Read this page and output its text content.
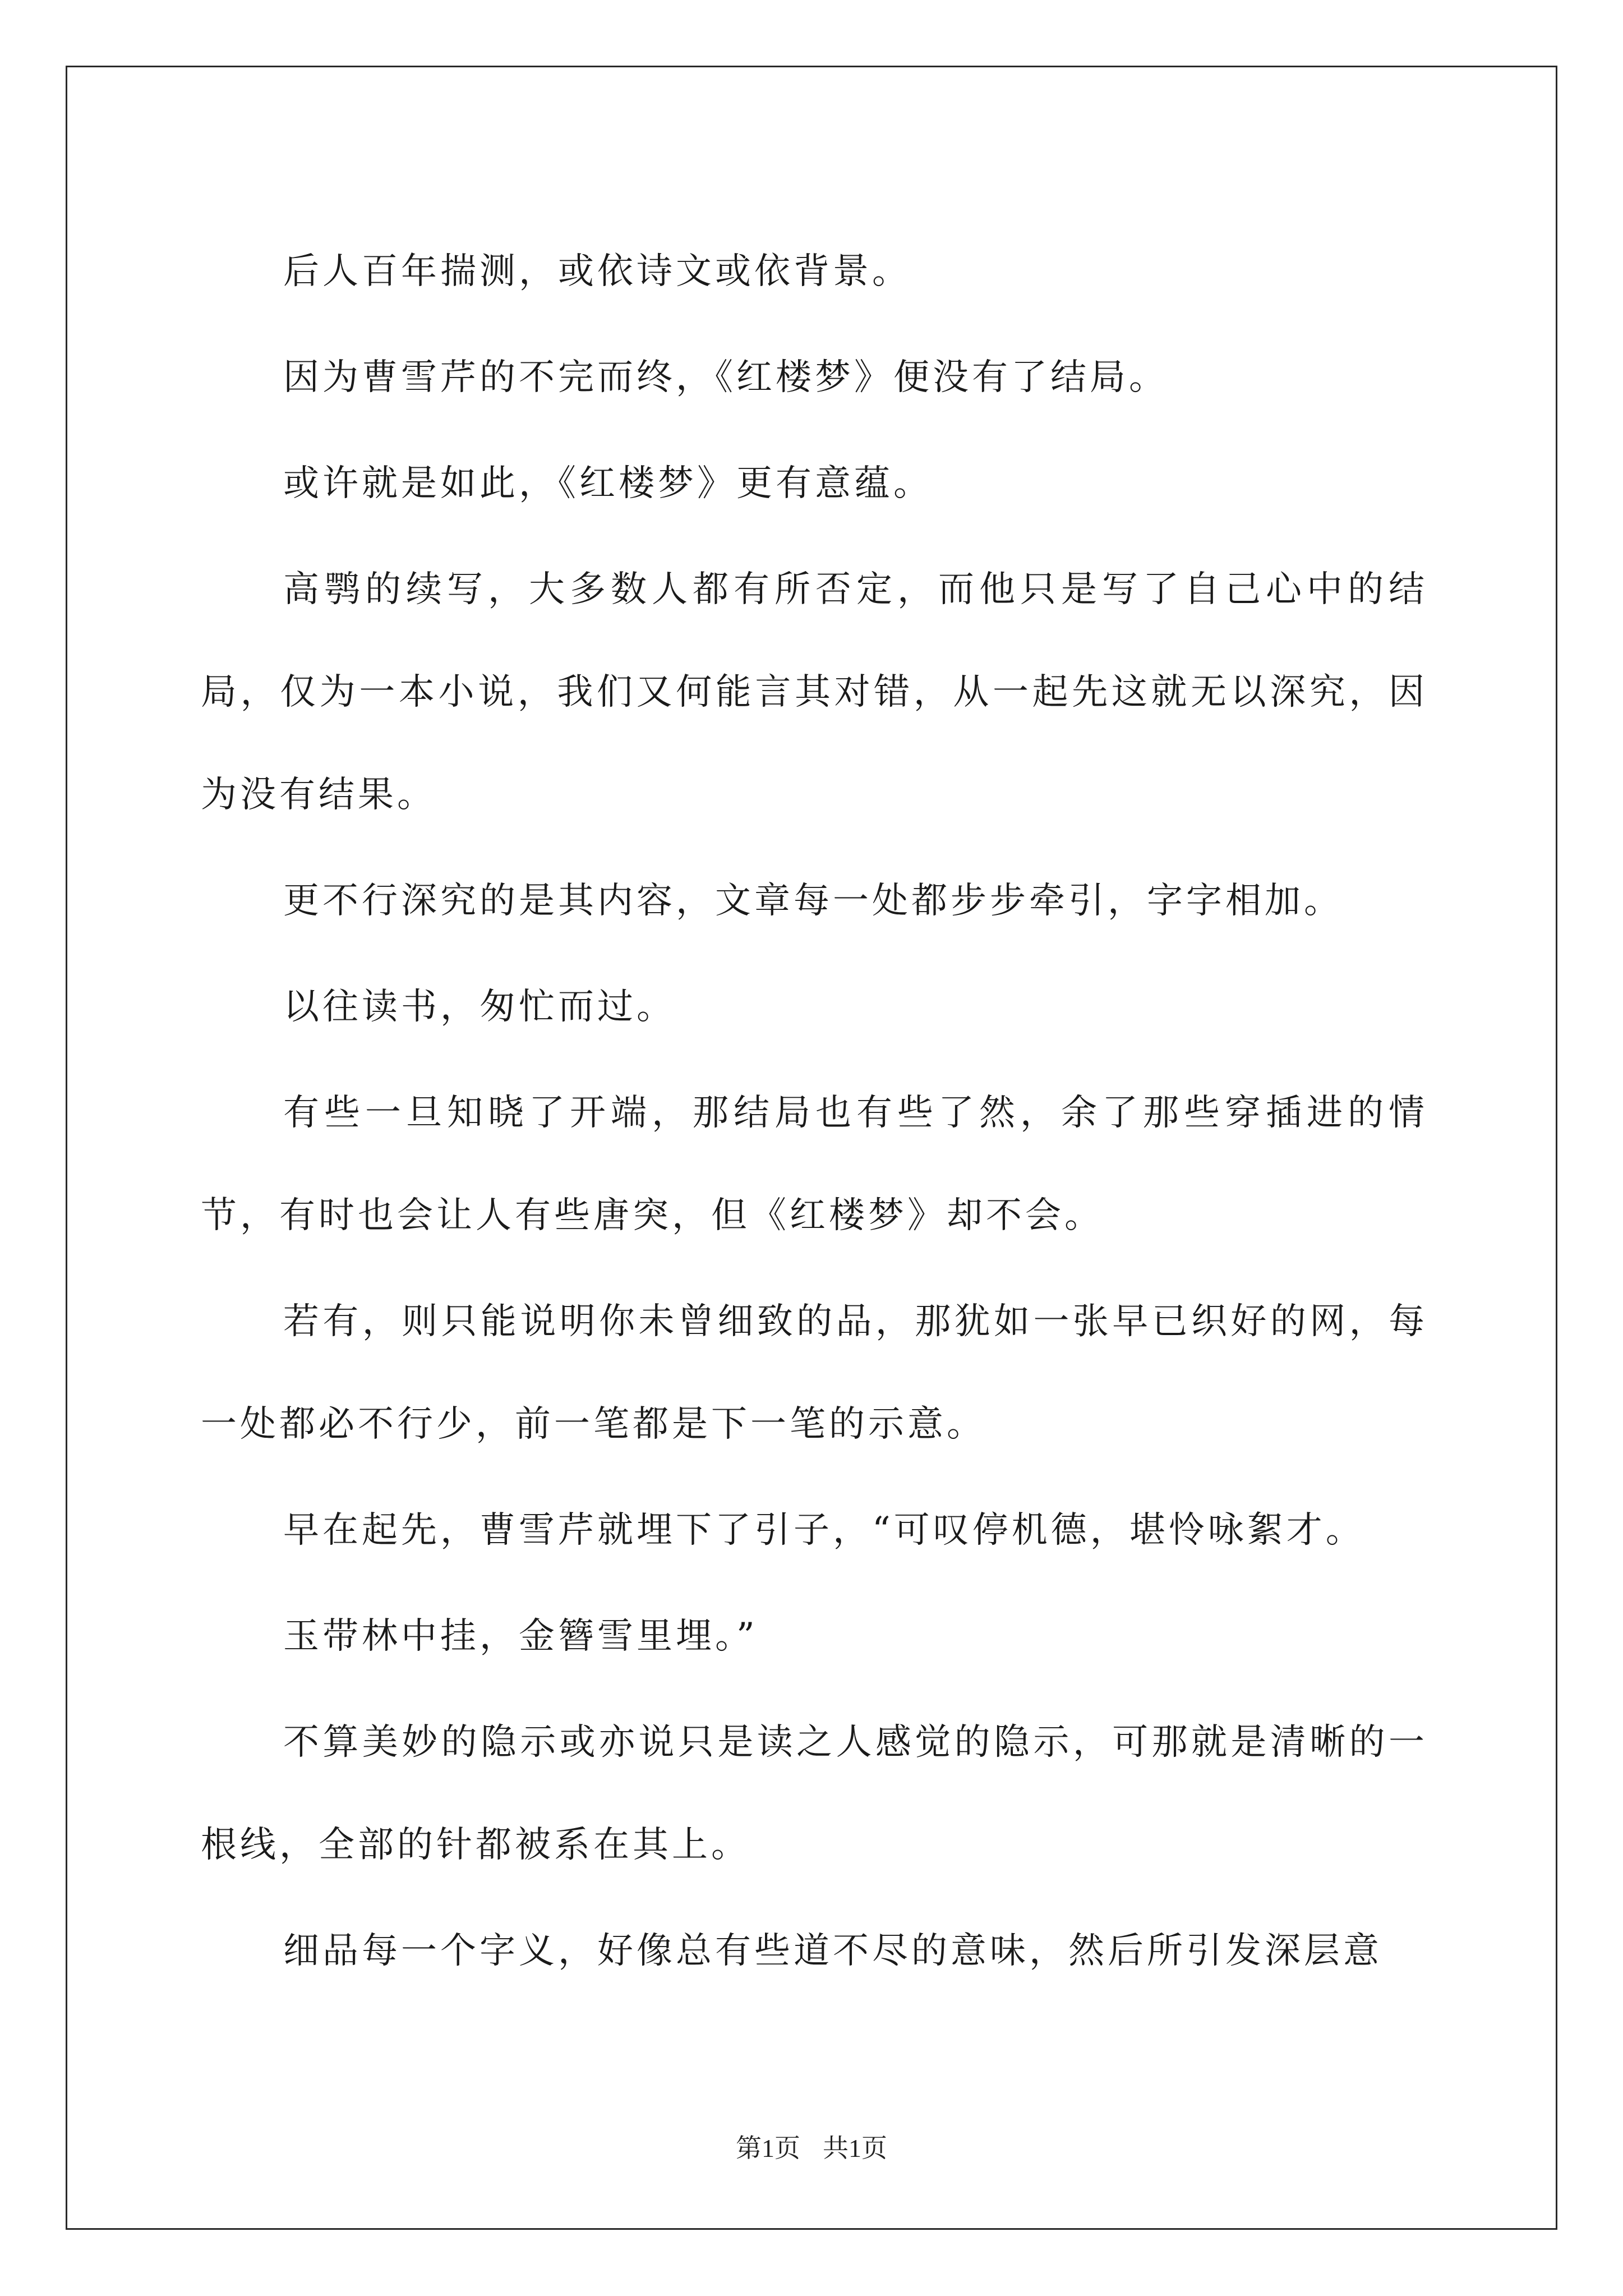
后人百年揣测，或依诗文或依背景。

因为曹雪芹的不完而终，《红楼梦》便没有了结局。

或许就是如此，《红楼梦》更有意蕴。

高鹗的续写，大多数人都有所否定，而他只是写了自己心中的结局，仅为一本小说，我们又何能言其对错，从一起先这就无以深究，因为没有结果。

更不行深究的是其内容，文章每一处都步步牵引，字字相加。

以往读书，匆忙而过。

有些一旦知晓了开端，那结局也有些了然，余了那些穿插进的情节，有时也会让人有些唐突，但《红楼梦》却不会。

若有，则只能说明你未曾细致的品，那犹如一张早已织好的网，每一处都必不行少，前一笔都是下一笔的示意。

早在起先，曹雪芹就埋下了引子，“可叹停机德，堪怜咏絮才。

玉带林中挂，金簪雪里埋。”

不算美妙的隐示或亦说只是读之人感觉的隐示，可那就是清晰的一根线，全部的针都被系在其上。

细品每一个字义，好像总有些道不尽的意味，然后所引发深层意

第1页 共1页
